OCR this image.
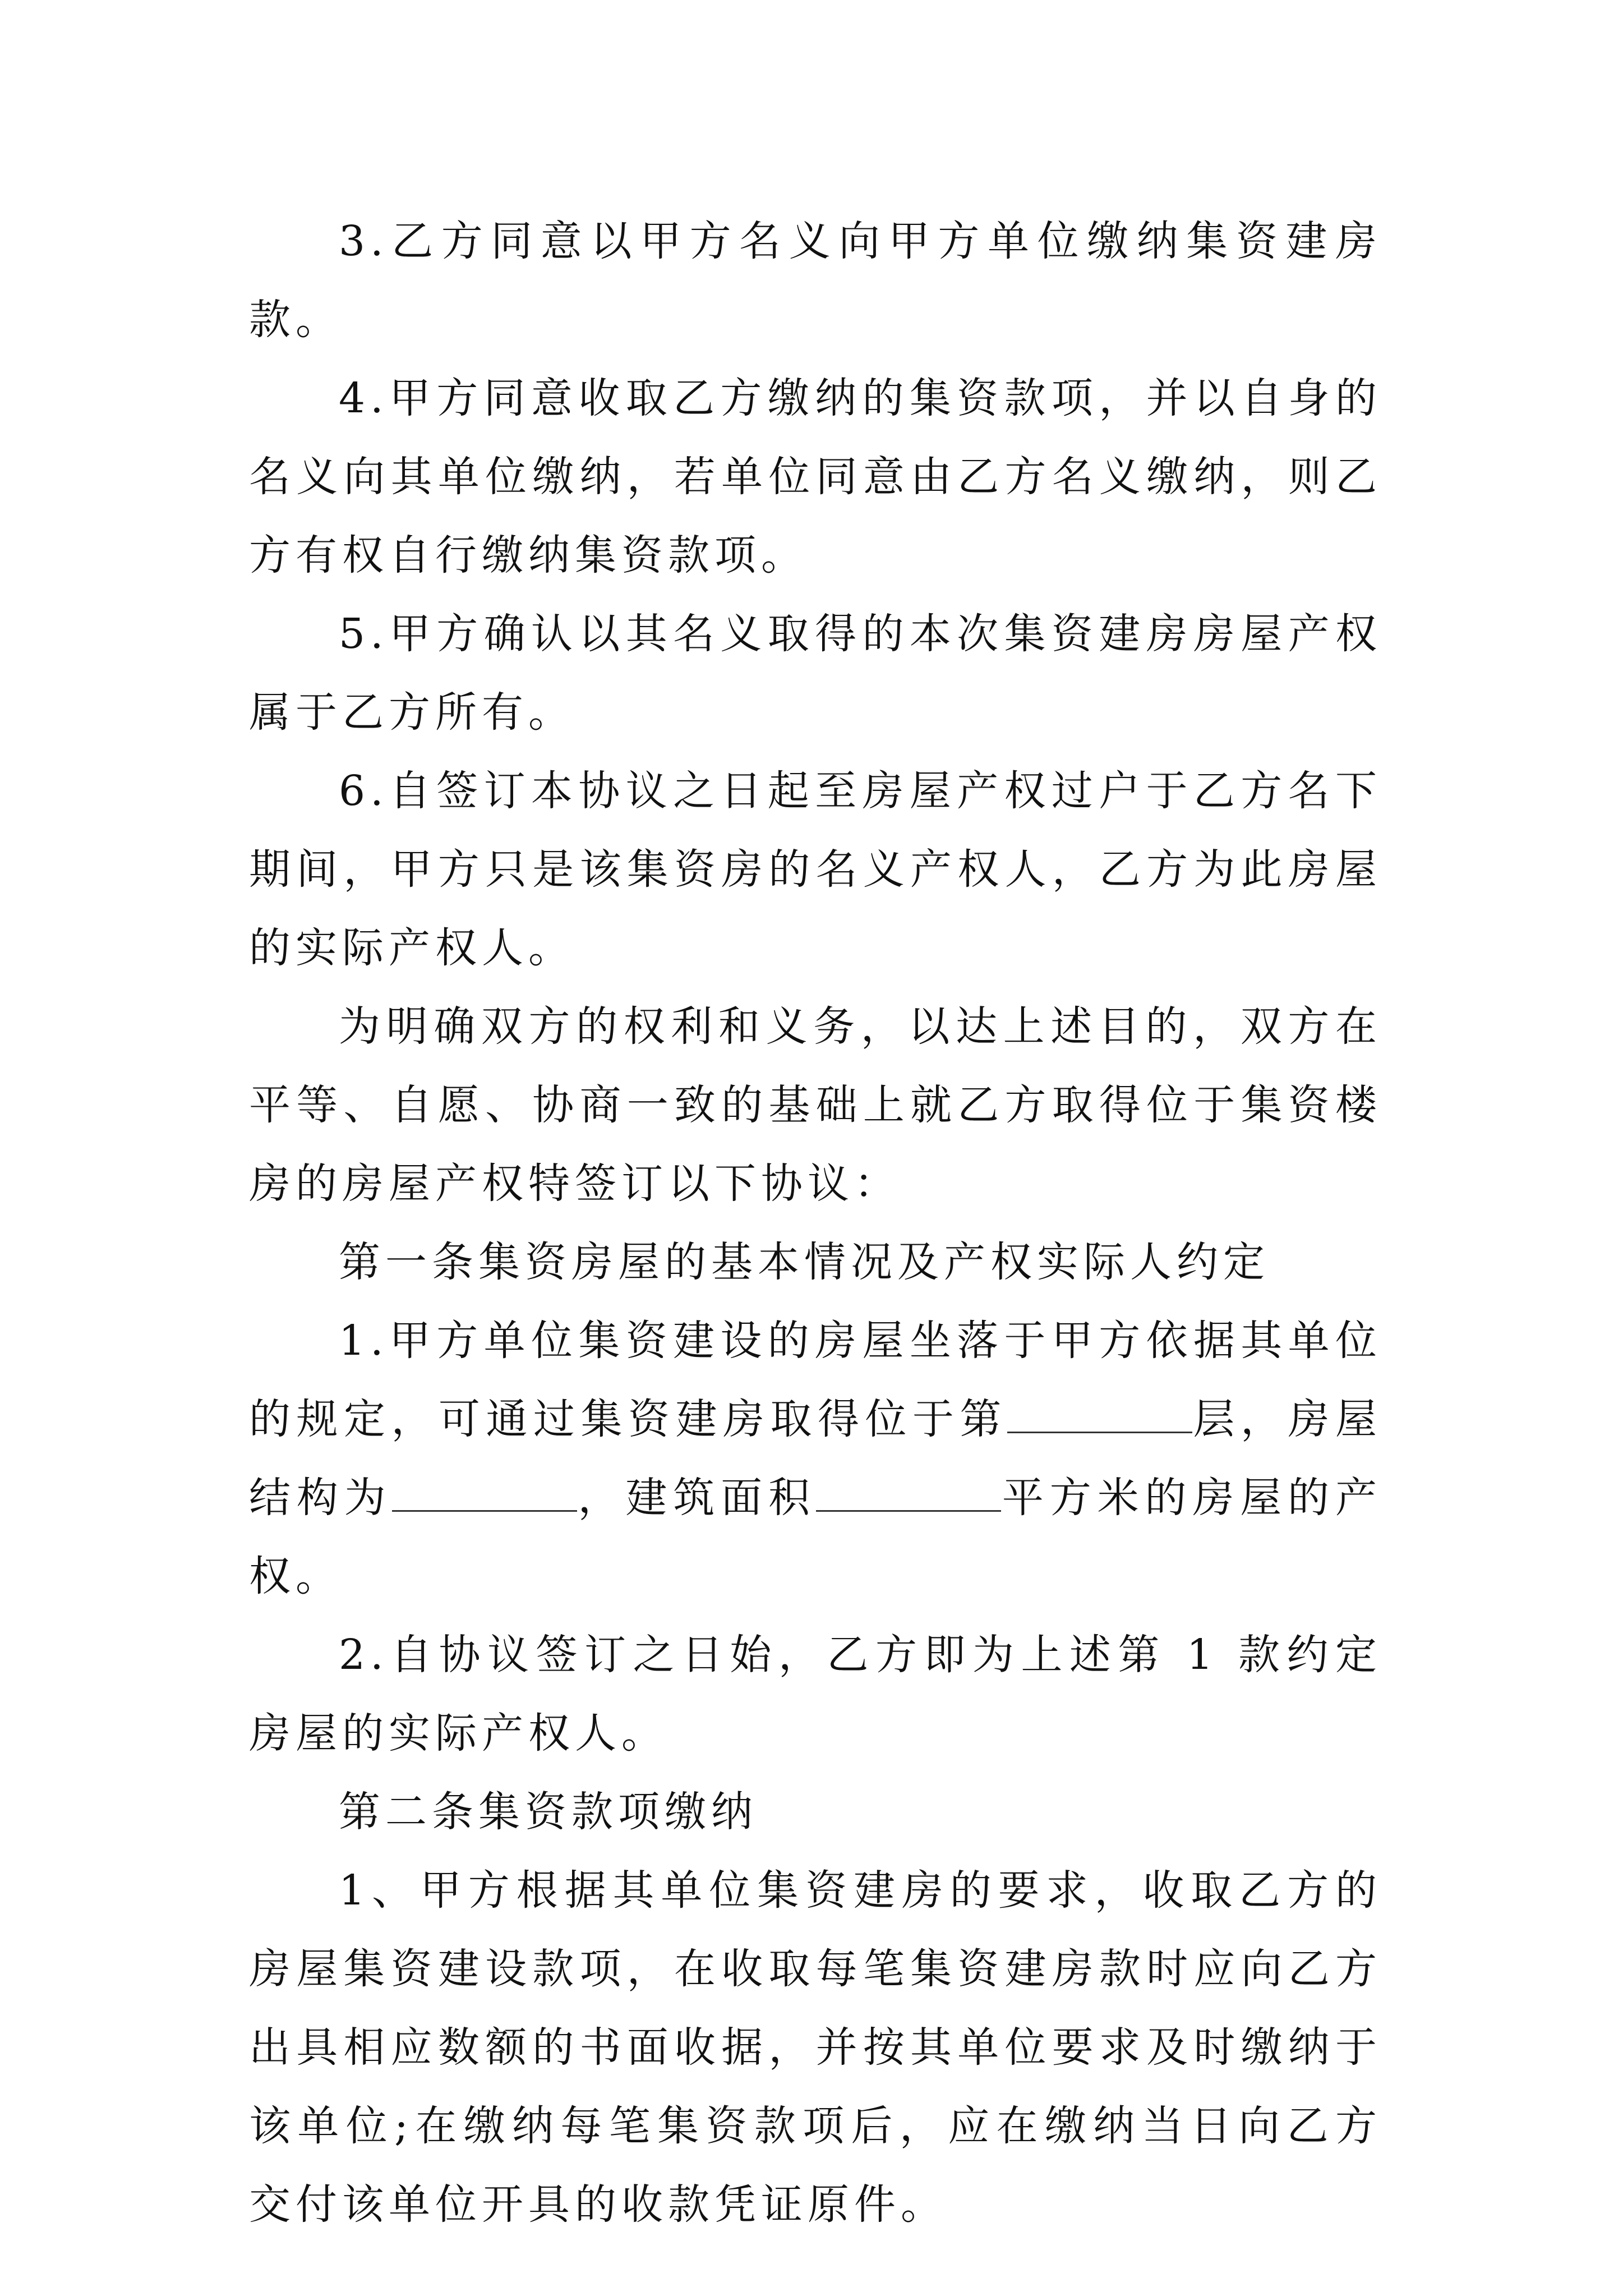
3.乙方同意以甲方名义向甲方单位缴纳集资建房款。

4.甲方同意收取乙方缴纳的集资款项，并以自身的名义向其单位缴纳，若单位同意由乙方名义缴纳，则乙方有权自行缴纳集资款项。

5.甲方确认以其名义取得的本次集资建房房屋产权属于乙方所有。

6.自签订本协议之日起至房屋产权过户于乙方名下期间，甲方只是该集资房的名义产权人，乙方为此房屋的实际产权人。

为明确双方的权利和义务，以达上述目的，双方在平等、自愿、协商一致的基础上就乙方取得位于集资楼房的房屋产权特签订以下协议：

第一条集资房屋的基本情况及产权实际人约定

1.甲方单位集资建设的房屋坐落于甲方依据其单位的规定，可通过集资建房取得位于第	层，房屋结构为	，建筑面积	平方米的房屋的产权。

2.自协议签订之日始，乙方即为上述第 1 款约定房屋的实际产权人。

第二条集资款项缴纳

1、甲方根据其单位集资建房的要求，收取乙方的房屋集资建设款项，在收取每笔集资建房款时应向乙方出具相应数额的书面收据，并按其单位要求及时缴纳于该单位;在缴纳每笔集资款项后，应在缴纳当日向乙方交付该单位开具的收款凭证原件。
